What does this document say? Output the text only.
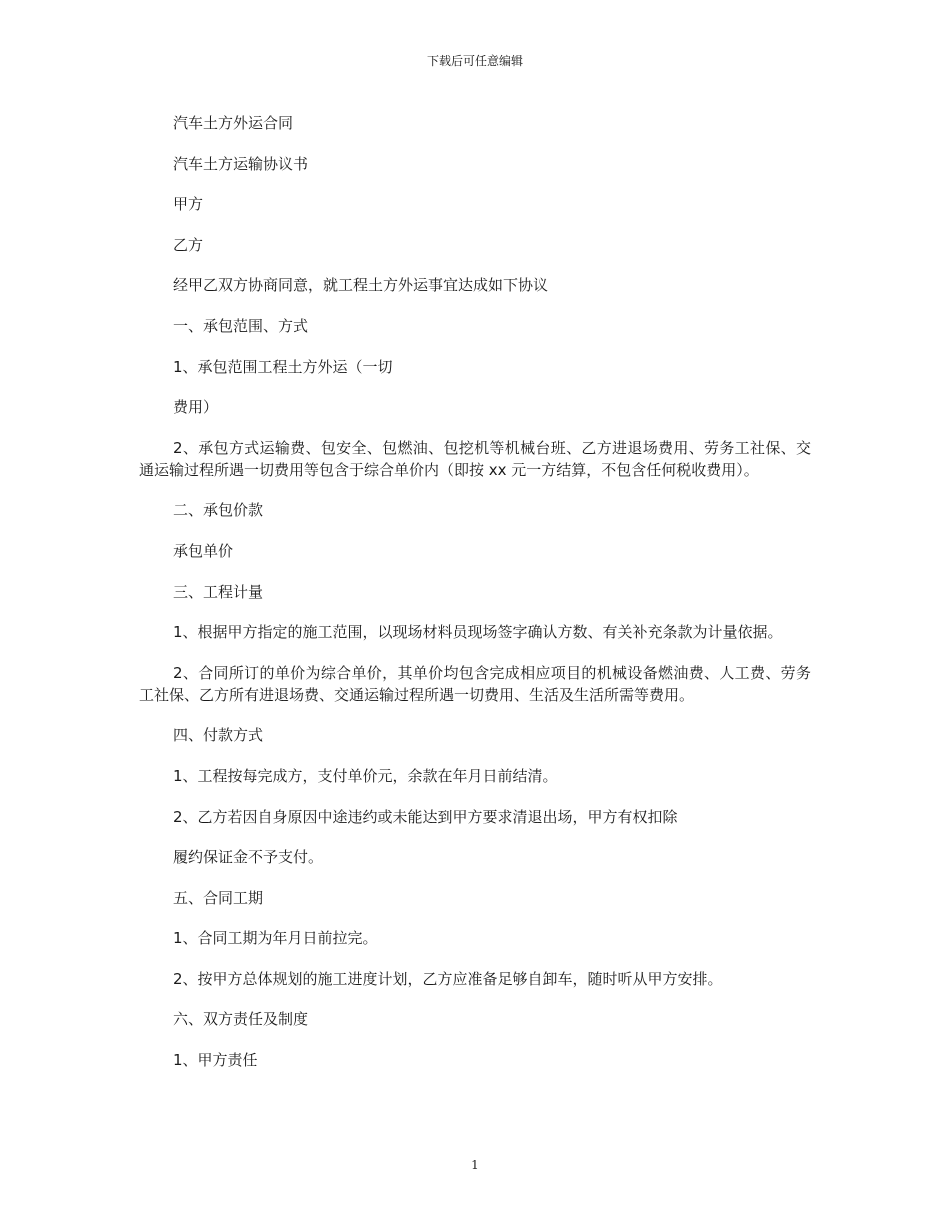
下载后可任意编辑

汽车土方外运合同

汽车土方运输协议书

甲方

乙方

经甲乙双方协商同意，就工程土方外运事宜达成如下协议

一、承包范围、方式

1、承包范围工程土方外运（一切

费用）

2、承包方式运输费、包安全、包燃油、包挖机等机械台班、乙方进退场费用、劳务工社保、交通运输过程所遇一切费用等包含于综合单价内（即按 xx 元一方结算，不包含任何税收费用）。

二、承包价款

承包单价

三、工程计量

1、根据甲方指定的施工范围，以现场材料员现场签字确认方数、有关补充条款为计量依据。

2、合同所订的单价为综合单价，其单价均包含完成相应项目的机械设备燃油费、人工费、劳务工社保、乙方所有进退场费、交通运输过程所遇一切费用、生活及生活所需等费用。

四、付款方式

1、工程按每完成方，支付单价元，余款在年月日前结清。

2、乙方若因自身原因中途违约或未能达到甲方要求清退出场，甲方有权扣除

履约保证金不予支付。

五、合同工期

1、合同工期为年月日前拉完。

2、按甲方总体规划的施工进度计划，乙方应准备足够自卸车，随时听从甲方安排。

六、双方责任及制度

1、甲方责任

1
